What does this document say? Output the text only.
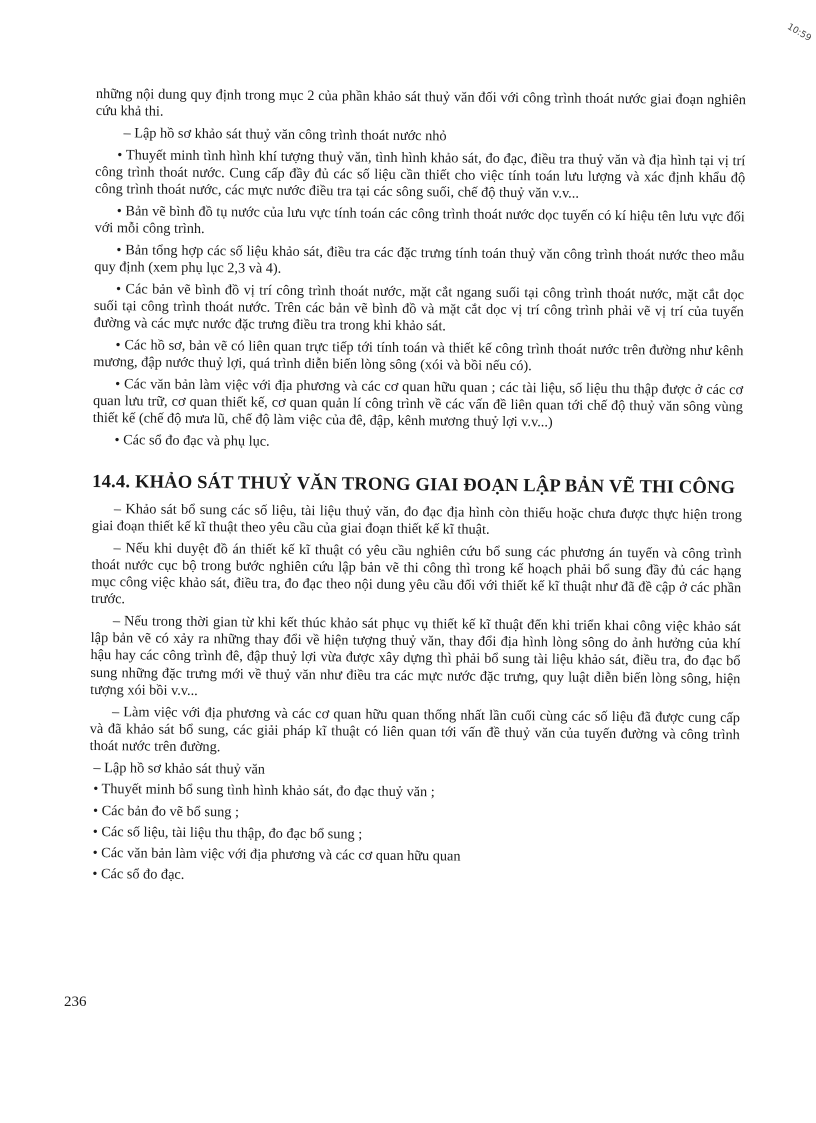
10:59

những nội dung quy định trong mục 2 của phần khảo sát thuỷ văn đối với công trình thoát nước giai đoạn nghiên cứu khả thi.

– Lập hồ sơ khảo sát thuỷ văn công trình thoát nước nhỏ

• Thuyết minh tình hình khí tượng thuỷ văn, tình hình khảo sát, đo đạc, điều tra thuỷ văn và địa hình tại vị trí công trình thoát nước. Cung cấp đầy đủ các số liệu cần thiết cho việc tính toán lưu lượng và xác định khẩu độ công trình thoát nước, các mực nước điều tra tại các sông suối, chế độ thuỷ văn v.v...

• Bản vẽ bình đồ tụ nước của lưu vực tính toán các công trình thoát nước dọc tuyến có kí hiệu tên lưu vực đối với mỗi công trình.

• Bản tổng hợp các số liệu khảo sát, điều tra các đặc trưng tính toán thuỷ văn công trình thoát nước theo mẫu quy định (xem phụ lục 2,3 và 4).

• Các bản vẽ bình đồ vị trí công trình thoát nước, mặt cắt ngang suối tại công trình thoát nước, mặt cắt dọc suối tại công trình thoát nước. Trên các bản vẽ bình đồ và mặt cắt dọc vị trí công trình phải vẽ vị trí của tuyến đường và các mực nước đặc trưng điều tra trong khi khảo sát.

• Các hồ sơ, bản vẽ có liên quan trực tiếp tới tính toán và thiết kế công trình thoát nước trên đường như kênh mương, đập nước thuỷ lợi, quá trình diễn biến lòng sông (xói và bồi nếu có).

• Các văn bản làm việc với địa phương và các cơ quan hữu quan ; các tài liệu, số liệu thu thập được ở các cơ quan lưu trữ, cơ quan thiết kế, cơ quan quản lí công trình về các vấn đề liên quan tới chế độ thuỷ văn sông vùng thiết kế (chế độ mưa lũ, chế độ làm việc của đê, đập, kênh mương thuỷ lợi v.v...)

• Các sổ đo đạc và phụ lục.

14.4. KHẢO SÁT THUỶ VĂN TRONG GIAI ĐOẠN LẬP BẢN VẼ THI CÔNG

– Khảo sát bổ sung các số liệu, tài liệu thuỷ văn, đo đạc địa hình còn thiếu hoặc chưa được thực hiện trong giai đoạn thiết kế kĩ thuật theo yêu cầu của giai đoạn thiết kế kĩ thuật.

– Nếu khi duyệt đồ án thiết kế kĩ thuật có yêu cầu nghiên cứu bổ sung các phương án tuyến và công trình thoát nước cục bộ trong bước nghiên cứu lập bản vẽ thi công thì trong kế hoạch phải bổ sung đầy đủ các hạng mục công việc khảo sát, điều tra, đo đạc theo nội dung yêu cầu đối với thiết kế kĩ thuật như đã đề cập ở các phần trước.

– Nếu trong thời gian từ khi kết thúc khảo sát phục vụ thiết kế kĩ thuật đến khi triển khai công việc khảo sát lập bản vẽ có xảy ra những thay đổi về hiện tượng thuỷ văn, thay đổi địa hình lòng sông do ảnh hưởng của khí hậu hay các công trình đê, đập thuỷ lợi vừa được xây dựng thì phải bổ sung tài liệu khảo sát, điều tra, đo đạc bổ sung những đặc trưng mới về thuỷ văn như điều tra các mực nước đặc trưng, quy luật diễn biến lòng sông, hiện tượng xói bồi v.v...

– Làm việc với địa phương và các cơ quan hữu quan thống nhất lần cuối cùng các số liệu đã được cung cấp và đã khảo sát bổ sung, các giải pháp kĩ thuật có liên quan tới vấn đề thuỷ văn của tuyến đường và công trình thoát nước trên đường.

– Lập hồ sơ khảo sát thuỷ văn

• Thuyết minh bổ sung tình hình khảo sát, đo đạc thuỷ văn ;
• Các bản đo vẽ bổ sung ;
• Các số liệu, tài liệu thu thập, đo đạc bổ sung ;
• Các văn bản làm việc với địa phương và các cơ quan hữu quan
• Các sổ đo đạc.
236
